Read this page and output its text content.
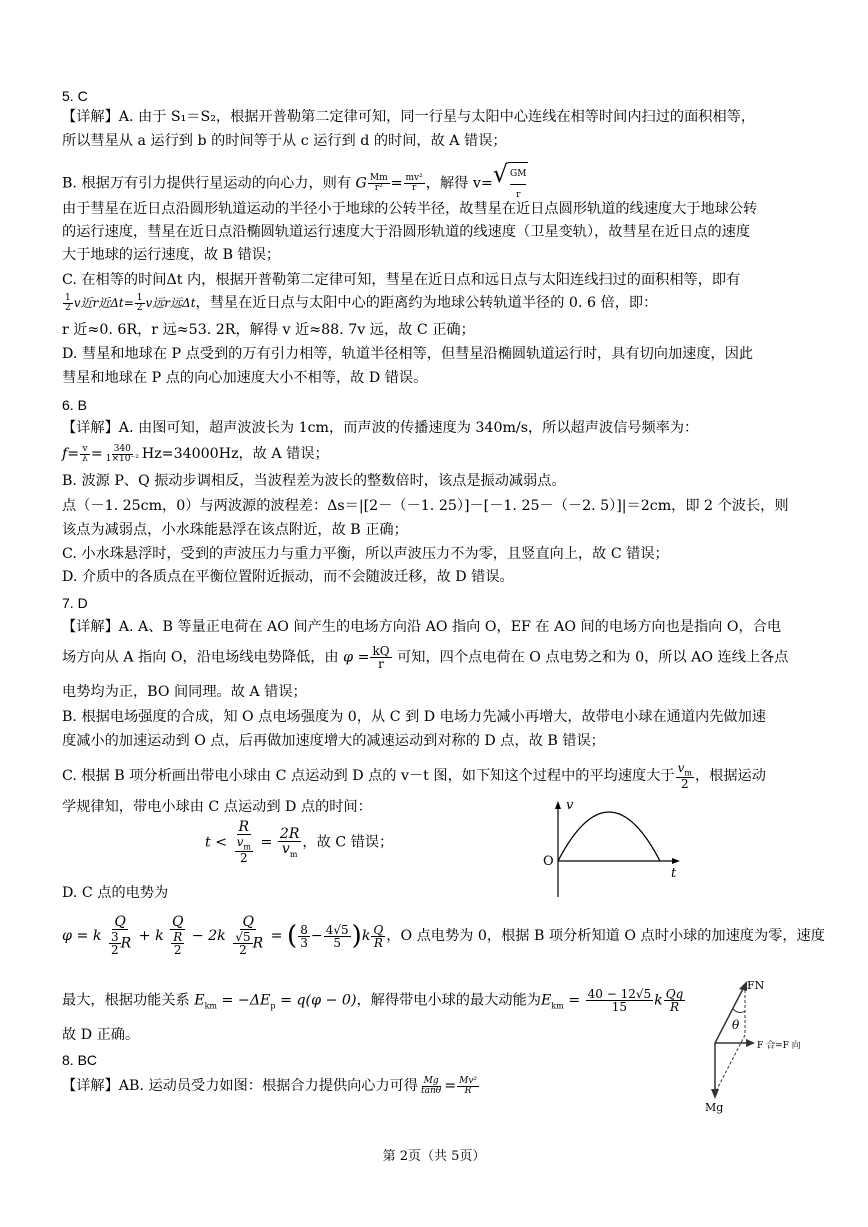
5. C
【详解】A. 由于 S₁＝S₂，根据开普勒第二定律可知，同一行星与太阳中心连线在相等时间内扫过的面积相等，
所以彗星从 a 运行到 b 的时间等于从 c 运行到 d 的时间，故 A 错误；
B. 根据万有引力提供行星运动的向心力，则有 G $\frac{Mm}{\text{r²}} = \frac{\text{mv²}}{r}$ ，解得 v= √ GM
r
由于彗星在近日点沿圆形轨道运动的半径小于地球的公转半径，故彗星在近日点圆形轨道的线速度大于地球公转
的运行速度，彗星在近日点沿椭圆轨道运行速度大于沿圆形轨道的线速度（卫星变轨），故彗星在近日点的速度
大于地球的运行速度，故 B 错误；
C. 在相等的时间Δt 内，根据开普勒第二定律可知，彗星在近日点和远日点与太阳连线扫过的面积相等，即有
$\frac{1}{2}$ v近r近$\Delta t= \frac{1}{2}$ v远r远Δt，彗星在近日点与太阳中心的距离约为地球公转轨道半径的 0. 6 倍，即：
r 近≈0. 6R，r 远≈53. 2R，解得 v 近≈88. 7v 远，故 C 正确；
D. 彗星和地球在 P 点受到的万有引力相等，轨道半径相等，但彗星沿椭圆轨道运行时，具有切向加速度，因此
彗星和地球在 P 点的向心加速度大小不相等，故 D 错误。
6. B
【详解】A. 由图可知，超声波波长为 1cm，而声波的传播速度为 340m/s，所以超声波信号频率为：
$f= \frac{v}{\lambda} = \frac{340}{\text{1×10⁻²}} Hz=34000Hz$，故 A 错误；
B. 波源 P、Q 振动步调相反，当波程差为波长的整数倍时，该点是振动减弱点。
点（－1. 25cm，0）与两波源的波程差：Δs＝|[2－（－1. 25）]－[－1. 25－（－2. 5）]|＝2cm，即 2 个波长，则
该点为减弱点，小水珠能悬浮在该点附近，故 B 正确；
C. 小水珠悬浮时，受到的声波压力与重力平衡，所以声波压力不为零，且竖直向上，故 C 错误；
D. 介质中的各质点在平衡位置附近振动，而不会随波迁移，故 D 错误。
7. D
【详解】A. A、B 等量正电荷在 AO 间产生的电场方向沿 AO 指向 O，EF 在 AO 间的电场方向也是指向 O，合电
场方向从 A 指向 O，沿电场线电势降低，由 $\varphi = \frac{kQ}{r}$ 可知，四个点电荷在 O 点电势之和为 0，所以 AO 连线上各点
电势均为正，BO 间同理。故 A 错误；
B. 根据电场强度的合成，知 O 点电场强度为 0，从 C 到 D 电场力先减小再增大，故带电小球在通道内先做加速
度减小的加速运动到 O 点，后再做加速度增大的减速运动到对称的 D 点，故 B 错误；
C. 根据 B 项分析画出带电小球由 C 点运动到 D 点的 v－t 图，如下知这个过程中的平均速度大于 $\frac{v_m}{2}$ ，根据运动
学规律知，带电小球由 C 点运动到 D 点的时间：
$t < \frac{R}{\frac{v_m}{2}} = \frac{2R}{v_m}$ ，故 C 错误；
v
O
t
D. C 点的电势为
φ = k $\frac{Q}{\frac{3}{2} R} + k \frac{Q}{\frac{R}{2}} - 2k \frac{Q}{\frac{√5}{2} R}$ = ( $\frac{8}{3} - \frac{4√5}{5} )k \frac{Q}{R}$ ，O 点电势为 0，根据 B 项分析知道 O 点时小球的加速度为零，速度
最大，根据功能关系 $E_{km} = -\Delta E_p = q(\varphi - 0)$，解得带电小球的最大动能为$E_{km} = \frac{40 - 12√5}{15}$ k $\frac{Qq}{R}$
故 D 正确。
8. BC
【详解】AB. 运动员受力如图：根据合力提供向心力可得 $\frac{Mg}{\tan\theta} = \frac{\text{Mv²}}{R}$
FN
θ
F 合=F 向
Mg
第 2页（共 5页）
